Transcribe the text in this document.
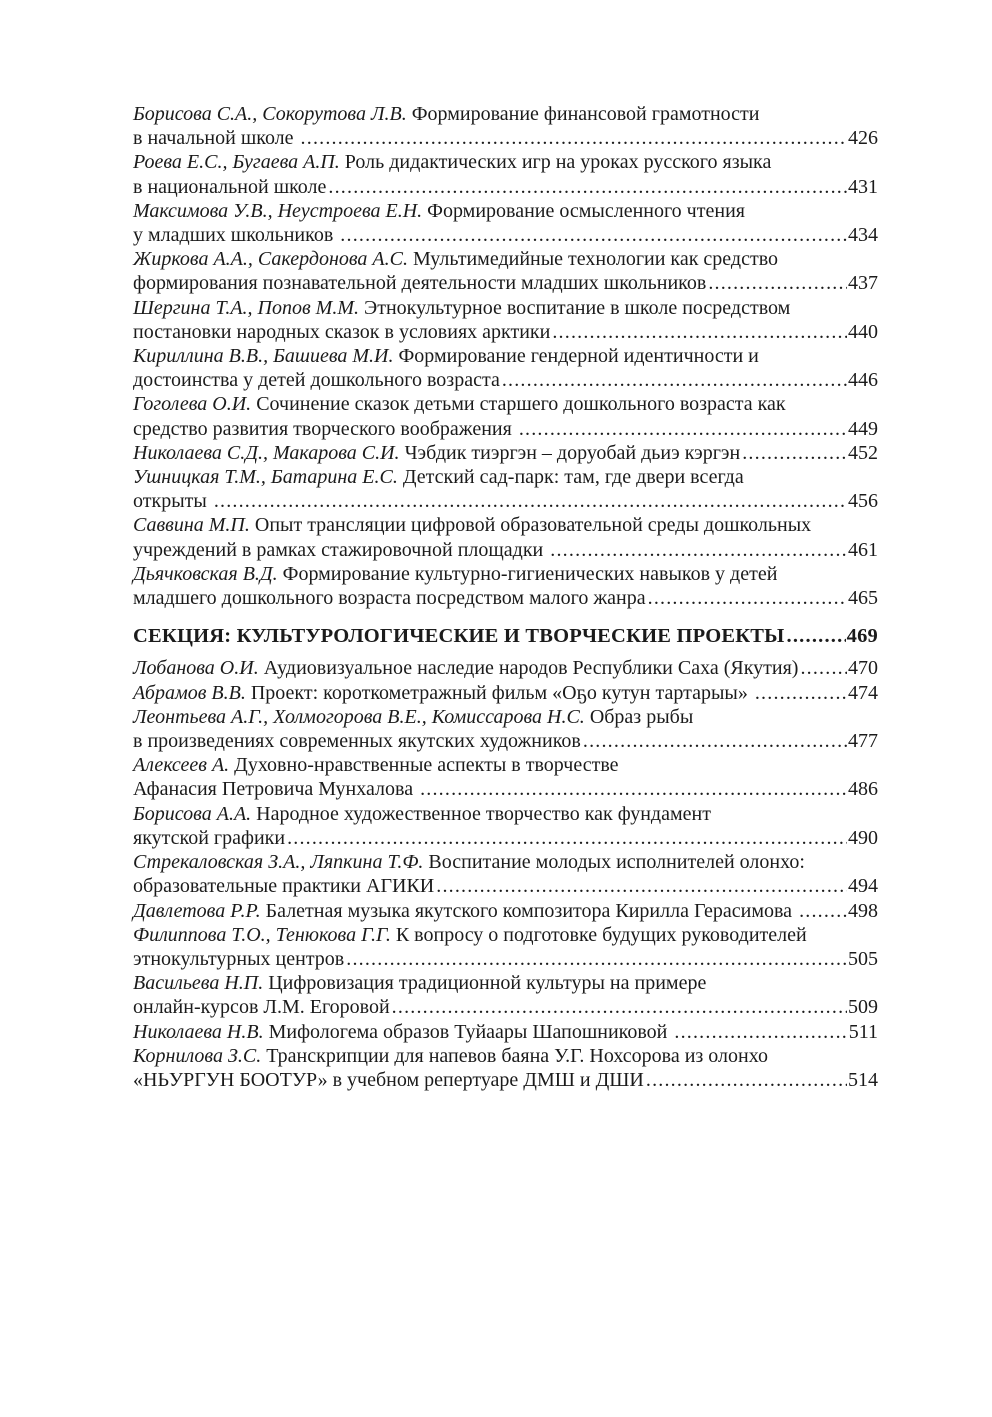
Борисова С.А., Сокорутова Л.В. Формирование финансовой грамотности
в начальной школе .....	426
Роева Е.С., Бугаева А.П. Роль дидактических игр на уроках русского языка
в национальной школе .....	431
Максимова У.В., Неустроева Е.Н. Формирование осмысленного чтения
у младших школьников .....	434
Жиркова А.А., Сакердонова А.С. Мультимедийные технологии как средство
формирования познавательной деятельности младших школьников .....	437
Шергина Т.А., Попов М.М. Этнокультурное воспитание в школе посредством
постановки народных сказок в условиях арктики .....	440
Кириллина В.В., Башиева М.И. Формирование гендерной идентичности и
достоинства у детей дошкольного возраста .....	446
Гоголева О.И. Сочинение сказок детьми старшего дошкольного возраста как
средство развития творческого воображения .....	449
Николаева С.Д., Макарова С.И. Чэбдик тиэргэн – доруобай дьиэ кэргэн .....	452
Ушницкая Т.М., Батарина Е.С. Детский сад-парк: там, где двери всегда
открыты .....	456
Саввина М.П. Опыт трансляции цифровой образовательной среды дошкольных
учреждений в рамках стажировочной площадки .....	461
Дьячковская В.Д. Формирование культурно-гигиенических навыков у детей
младшего дошкольного возраста посредством малого жанра .....	465
СЕКЦИЯ: КУЛЬТУРОЛОГИЧЕСКИЕ И ТВОРЧЕСКИЕ ПРОЕКТЫ .....	469
Лобанова О.И. Аудиовизуальное наследие народов Республики Саха (Якутия) ..... 470
Абрамов В.В. Проект: короткометражный фильм «Оҕо кутун тартарыы» .....	474
Леонтьева А.Г., Холмогорова В.Е., Комиссарова Н.С. Образ рыбы
в произведениях современных якутских художников .....	477
Алексеев А. Духовно-нравственные аспекты в творчестве
Афанасия Петровича Мунхалова .....	486
Борисова А.А. Народное художественное творчество как фундамент
якутской графики .....	490
Стрекаловская З.А., Ляпкина Т.Ф. Воспитание молодых исполнителей олонхо:
образовательные практики АГИКИ .....	494
Давлетова Р.Р. Балетная музыка якутского композитора Кирилла Герасимова .....	498
Филиппова Т.О., Тенюкова Г.Г. К вопросу о подготовке будущих руководителей
этнокультурных центров .....	505
Васильева Н.П. Цифровизация традиционной культуры на примере
онлайн-курсов Л.М. Егоровой .....	509
Николаева Н.В. Мифологема образов Туйаары Шапошниковой .....	511
Корнилова З.С. Транскрипции для напевов баяна У.Г. Нохсорова из олонхо
«НЬУРГУН БООТУР» в учебном репертуаре ДМШ и ДШИ .....	514
